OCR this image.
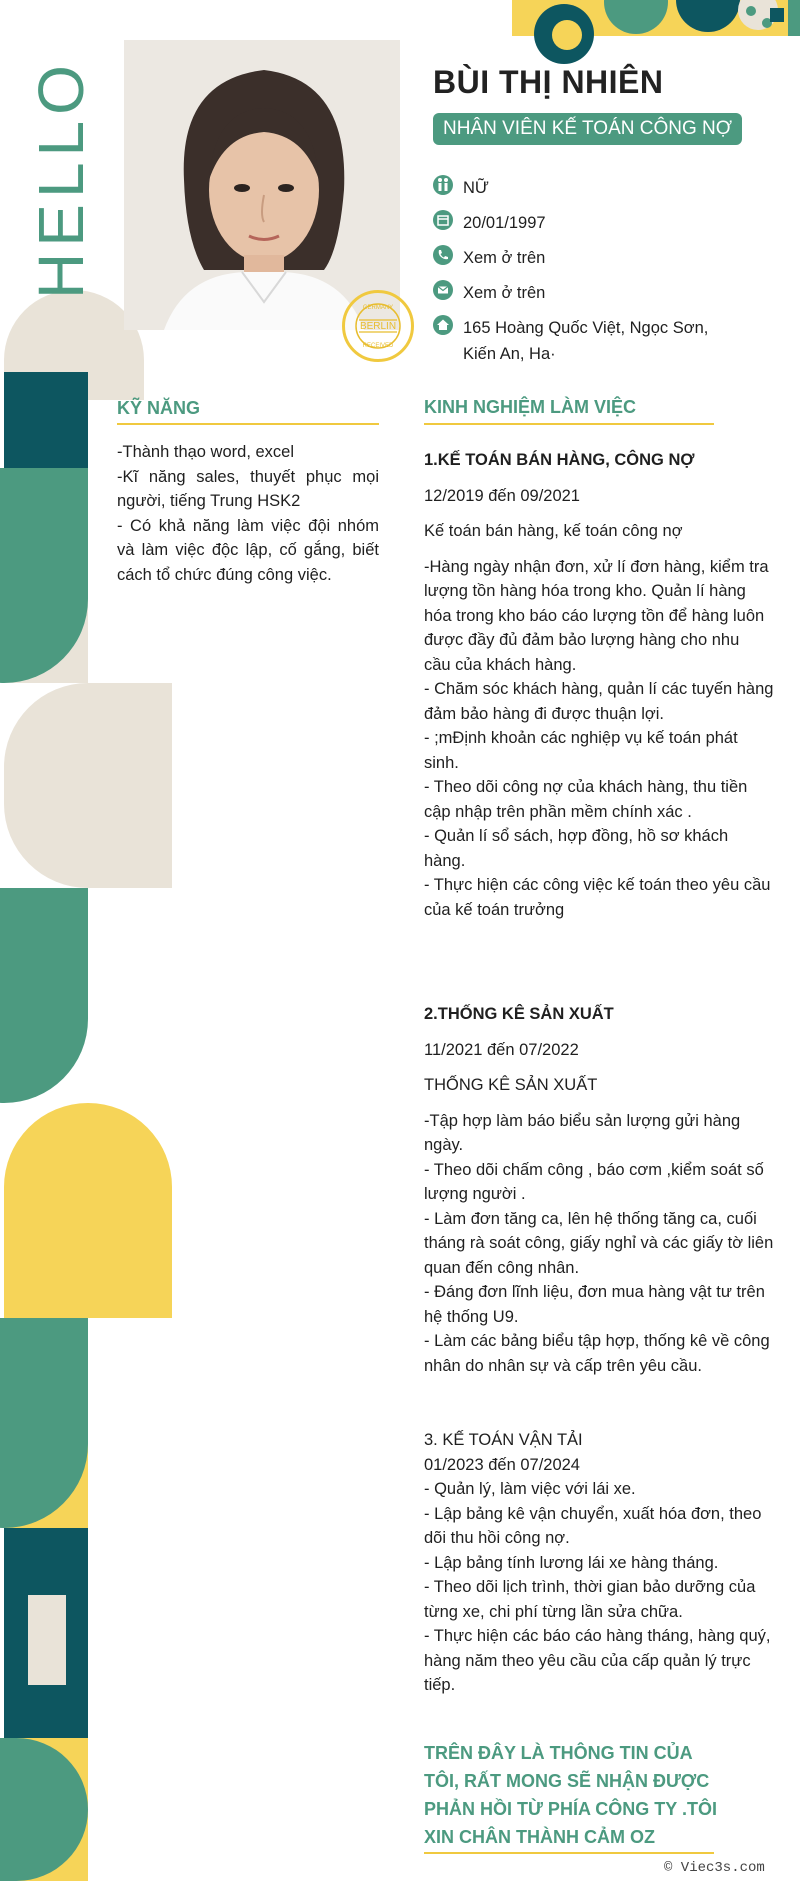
HELLO
BERLIN
GERMANY
RECEIVED
BÙI THỊ NHIÊN
NHÂN VIÊN KẾ TOÁN CÔNG NỢ
NỮ
20/01/1997
Xem ở trên
Xem ở trên
165 Hoàng Quốc Việt, Ngọc Sơn,
Kiến An, Ha·
KỸ NĂNG

-Thành thạo word, excel

-Kĩ năng sales, thuyết phục mọi người, tiếng Trung HSK2

- Có khả năng làm việc đội nhóm và làm việc độc lập, cố gắng, biết cách tổ chức đúng công việc.

KINH NGHIỆM LÀM VIỆC

1.KẾ TOÁN BÁN HÀNG, CÔNG NỢ

12/2019 đến 09/2021

Kế toán bán hàng, kế toán công nợ

-Hàng ngày nhận đơn, xử lí đơn hàng, kiểm tra lượng tồn hàng hóa trong kho. Quản lí hàng

hóa trong kho báo cáo lượng tồn để hàng luôn được đầy đủ đảm bảo lượng hàng cho nhu

cầu của khách hàng.

- Chăm sóc khách hàng, quản lí các tuyến hàng đảm bảo hàng đi được thuận lợi.

- ;mĐịnh khoản các nghiệp vụ kế toán phát sinh.

- Theo dõi công nợ của khách hàng, thu tiền cập nhập trên phần mềm chính xác .

- Quản lí sổ sách, hợp đồng, hồ sơ khách hàng.

- Thực hiện các công việc kế toán theo yêu cầu của kế toán trưởng

2.THỐNG KÊ SẢN XUẤT

11/2021 đến 07/2022

THỐNG KÊ SẢN XUẤT

-Tập hợp làm báo biểu sản lượng gửi hàng ngày.

- Theo dõi chấm công , báo cơm ,kiểm soát số lượng người .

- Làm đơn tăng ca, lên hệ thống tăng ca, cuối tháng rà soát công, giấy nghỉ và các giấy tờ liên

quan đến công nhân.

- Đáng đơn lĩnh liệu, đơn mua hàng vật tư trên hệ thống U9.

- Làm các bảng biểu tập hợp, thống kê về công nhân do nhân sự và cấp trên yêu cầu.

3. KẾ TOÁN VẬN TẢI

01/2023 đến 07/2024

- Quản lý, làm việc với lái xe.

- Lập bảng kê vận chuyển, xuất hóa đơn, theo dõi thu hồi công nợ.

- Lập bảng tính lương lái xe hàng tháng.

- Theo dõi lịch trình, thời gian bảo dưỡng của từng xe, chi phí từng lần sửa chữa.

- Thực hiện các báo cáo hàng tháng, hàng quý, hàng năm theo yêu cầu của cấp quản lý trực tiếp.

TRÊN ĐÂY LÀ THÔNG TIN CỦA

TÔI, RẤT MONG SẼ NHẬN ĐƯỢC

PHẢN HỒI TỪ PHÍA CÔNG TY .TÔI

XIN CHÂN THÀNH CẢM OZ

© Viec3s.com
